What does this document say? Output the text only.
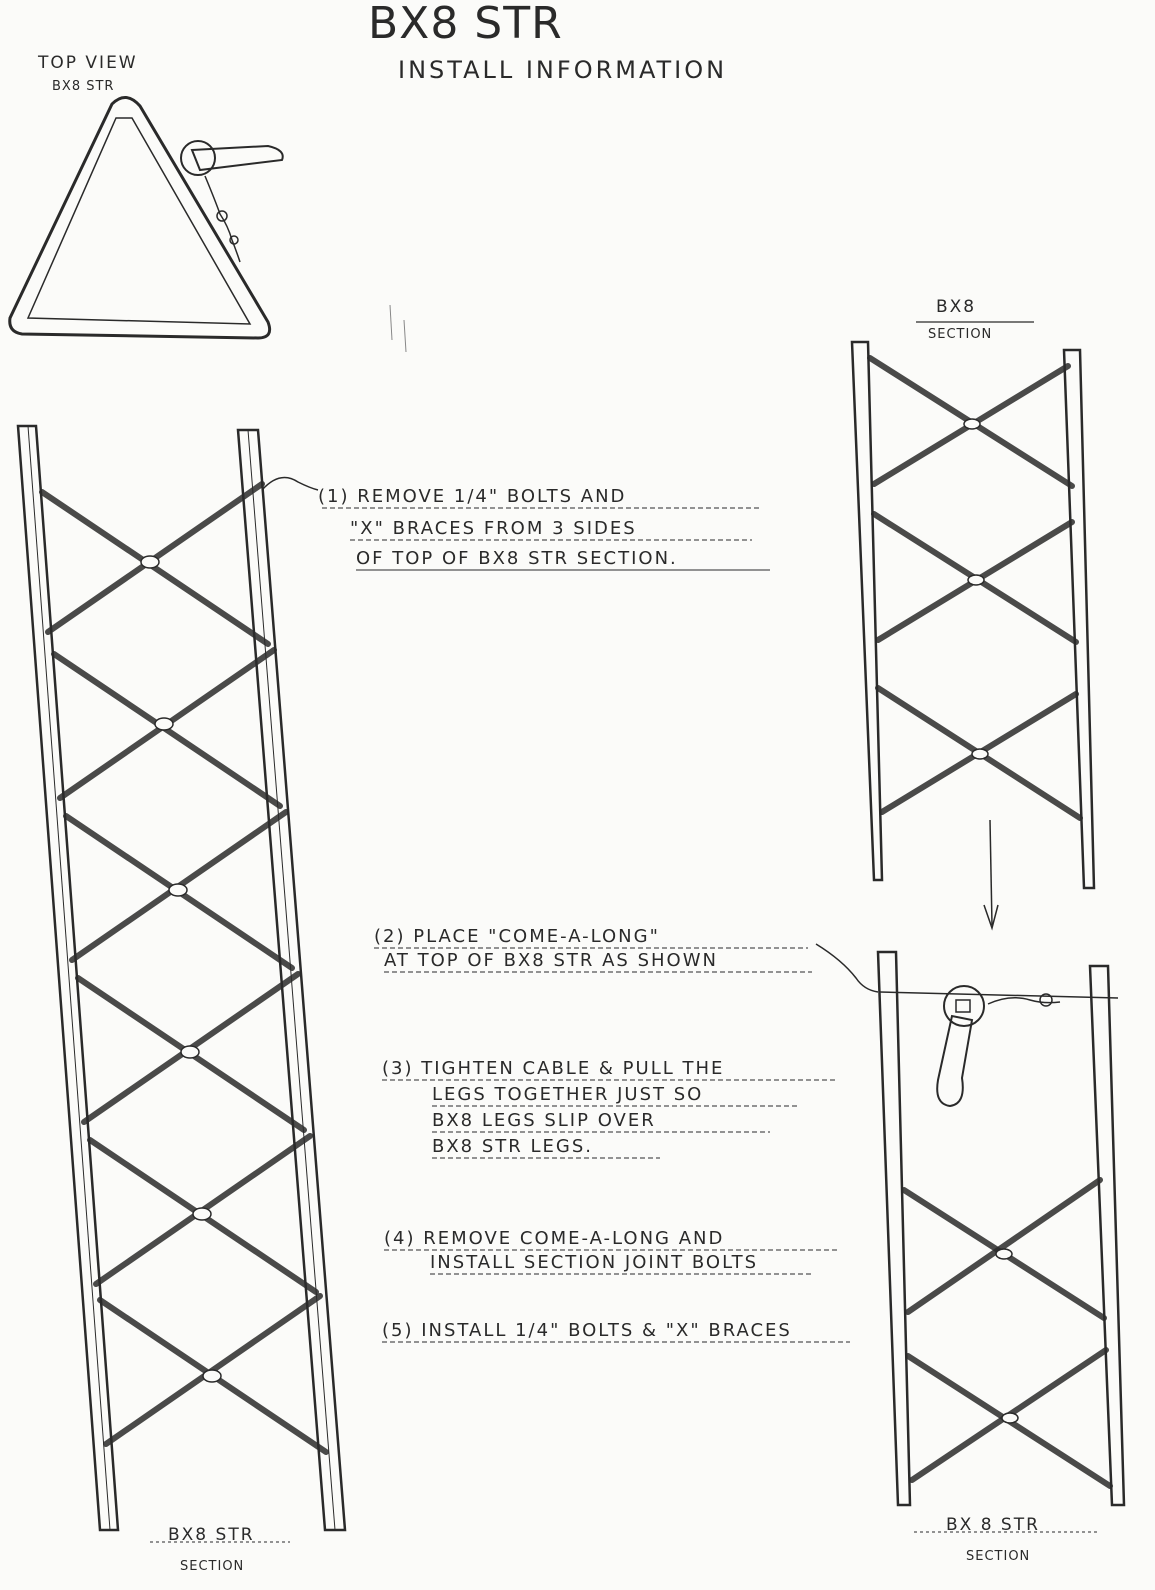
BX8 STR
INSTALL INFORMATION
TOP VIEW
BX8 STR
BX8
SECTION
BX8 STR
SECTION
BX 8 STR
SECTION
(1) REMOVE 1/4" BOLTS AND
"X" BRACES FROM 3 SIDES
OF TOP OF BX8 STR SECTION.
(2) PLACE "COME-A-LONG"
AT TOP OF BX8 STR AS SHOWN
(3) TIGHTEN CABLE & PULL THE
LEGS TOGETHER JUST SO
BX8 LEGS SLIP OVER
BX8 STR LEGS.
(4) REMOVE COME-A-LONG AND
INSTALL SECTION JOINT BOLTS
(5) INSTALL 1/4" BOLTS & "X" BRACES
